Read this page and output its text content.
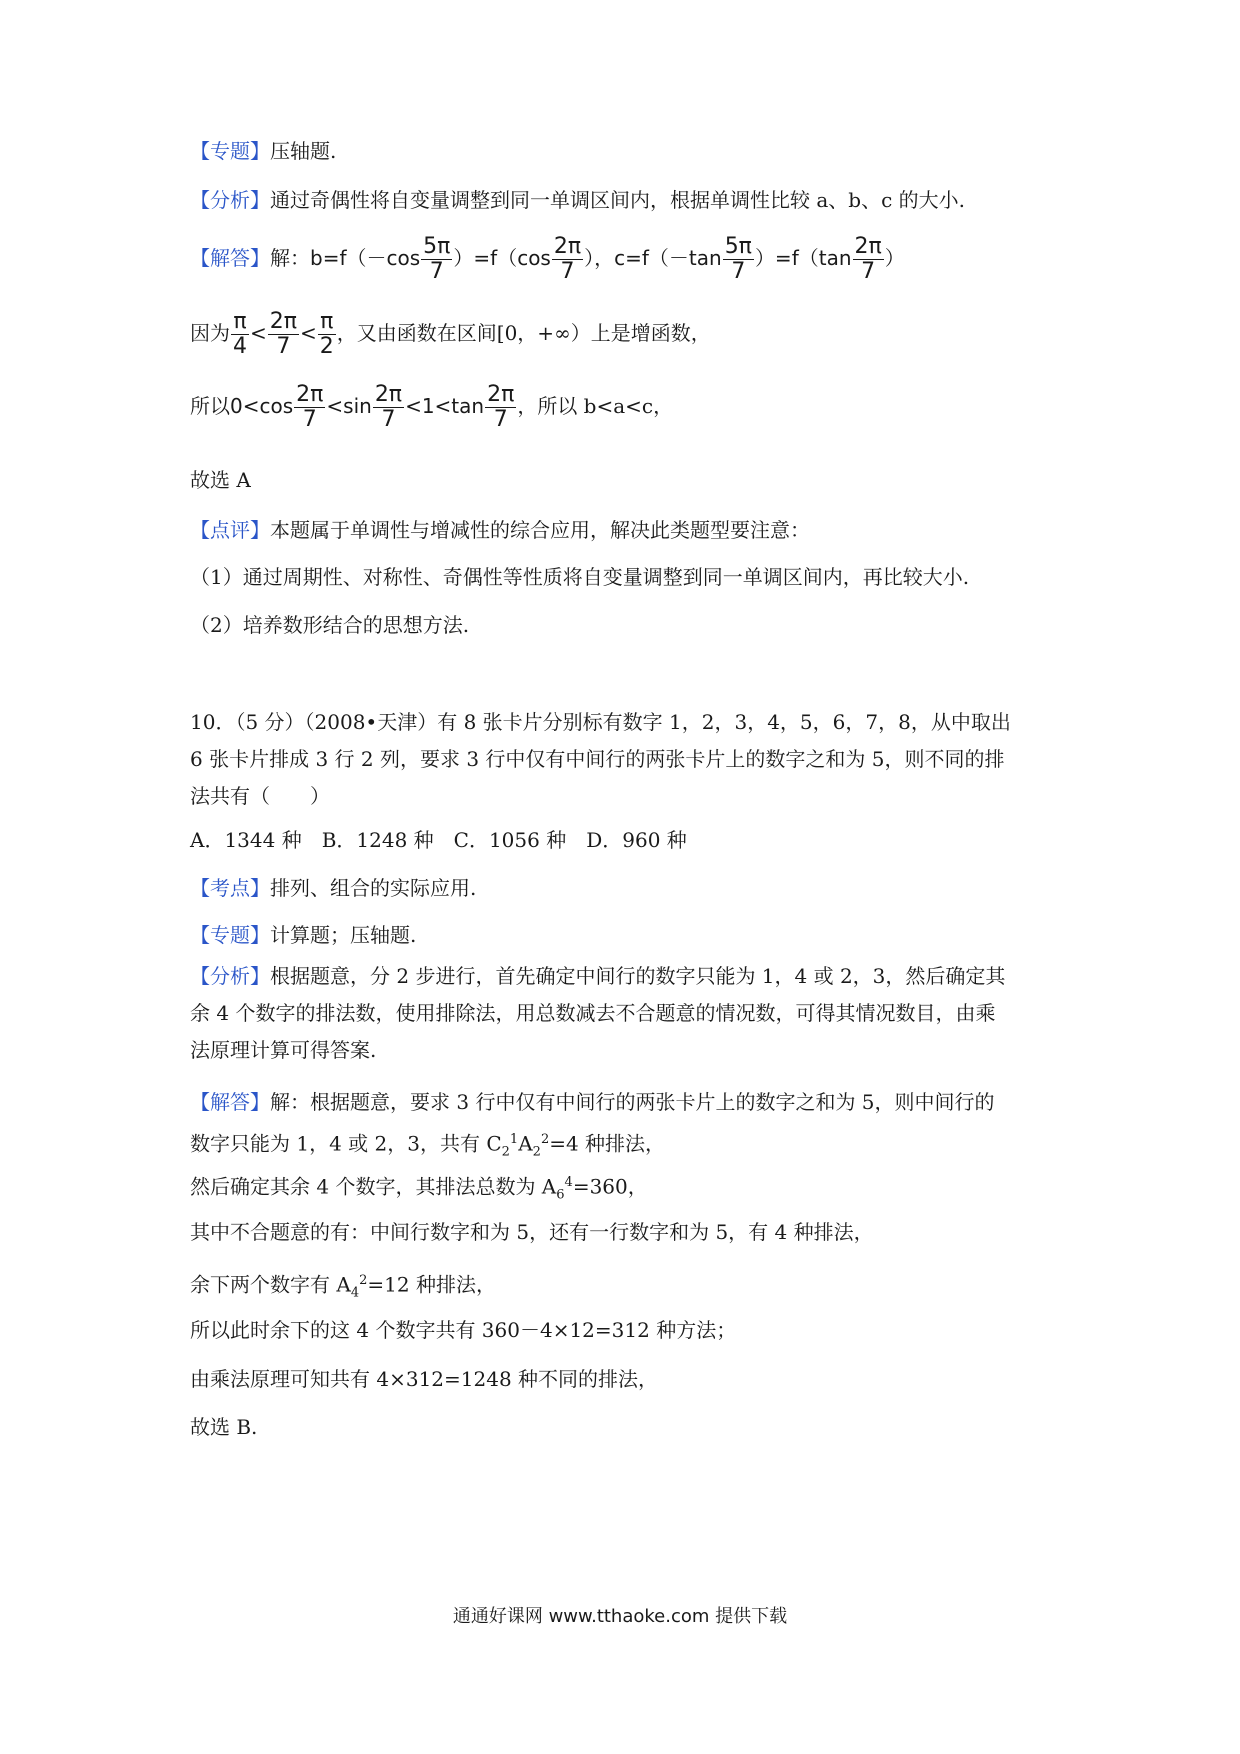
【专题】压轴题.
【分析】通过奇偶性将自变量调整到同一单调区间内，根据单调性比较 a、b、c 的大小.
【解答】解：$b=f(-\cos \frac{5\pi}{7} )=f(\cos \frac{2\pi}{7}$ ），$c=f(-\tan \frac{5\pi}{7} )=f(\tan \frac{2\pi}{7}$ ）
因为 $\frac{\pi}{4} < \frac{2\pi}{7} < \frac{\pi}{2}$ ，又由函数在区间[0，+∞）上是增函数，
所以$0<\cos \frac{2\pi}{7} <\sin \frac{2\pi}{7} <1<\tan \frac{2\pi}{7}$ ，所以 b<a<c，
故选 A
【点评】本题属于单调性与增减性的综合应用，解决此类题型要注意：
（1）通过周期性、对称性、奇偶性等性质将自变量调整到同一单调区间内，再比较大小.
（2）培养数形结合的思想方法.
10．（5 分）（2008•天津）有 8 张卡片分别标有数字 1，2，3，4，5，6，7，8，从中取出
6 张卡片排成 3 行 2 列，要求 3 行中仅有中间行的两张卡片上的数字之和为 5，则不同的排
法共有（　　）
A．1344 种　B．1248 种　C．1056 种　D．960 种
【考点】排列、组合的实际应用.
【专题】计算题；压轴题.
【分析】根据题意，分 2 步进行，首先确定中间行的数字只能为 1，4 或 2，3，然后确定其
余 4 个数字的排法数，使用排除法，用总数减去不合题意的情况数，可得其情况数目，由乘
法原理计算可得答案.
【解答】解：根据题意，要求 3 行中仅有中间行的两张卡片上的数字之和为 5，则中间行的
数字只能为 1，4 或 2，3，共有 $C_2^1A_2^2=4$ 种排法，
然后确定其余 4 个数字，其排法总数为 $A_6^4=360$，
其中不合题意的有：中间行数字和为 5，还有一行数字和为 5，有 4 种排法，
余下两个数字有 $A_4^2=12$ 种排法，
所以此时余下的这 4 个数字共有 360－4×12=312 种方法；
由乘法原理可知共有 4×312=1248 种不同的排法，
故选 B.
通通好课网 www.tthaoke.com 提供下载
